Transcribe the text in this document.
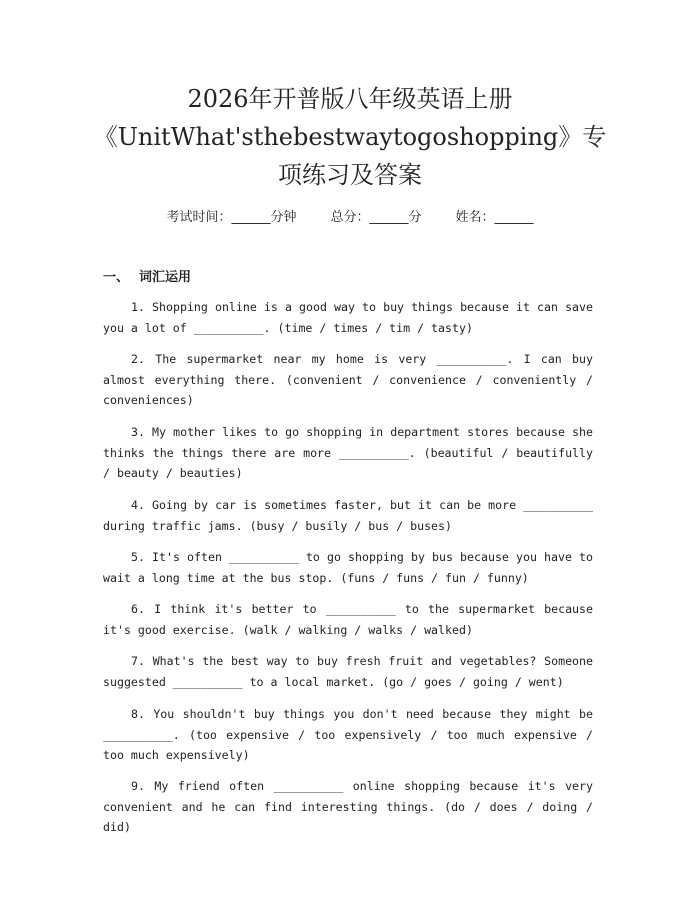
2026年开普版八年级英语上册
《UnitWhat'sthebestwaytogoshopping》专
项练习及答案
考试时间：______分钟	总分：______分	姓名：______
一、 词汇运用
1. Shopping online is a good way to buy things because it can save you a lot of __________. (time / times / tim / tasty)
2. The supermarket near my home is very __________. I can buy almost everything there. (convenient / convenience / conveniently / conveniences)
3. My mother likes to go shopping in department stores because she thinks the things there are more __________. (beautiful / beautifully / beauty / beauties)
4. Going by car is sometimes faster, but it can be more __________ during traffic jams. (busy / busily / bus / buses)
5. It's often __________ to go shopping by bus because you have to wait a long time at the bus stop. (funs / funs / fun / funny)
6. I think it's better to __________ to the supermarket because it's good exercise. (walk / walking / walks / walked)
7. What's the best way to buy fresh fruit and vegetables? Someone suggested __________ to a local market. (go / goes / going / went)
8. You shouldn't buy things you don't need because they might be __________. (too expensive / too expensively / too much expensive / too much expensively)
9. My friend often __________ online shopping because it's very convenient and he can find interesting things. (do / does / doing / did)
